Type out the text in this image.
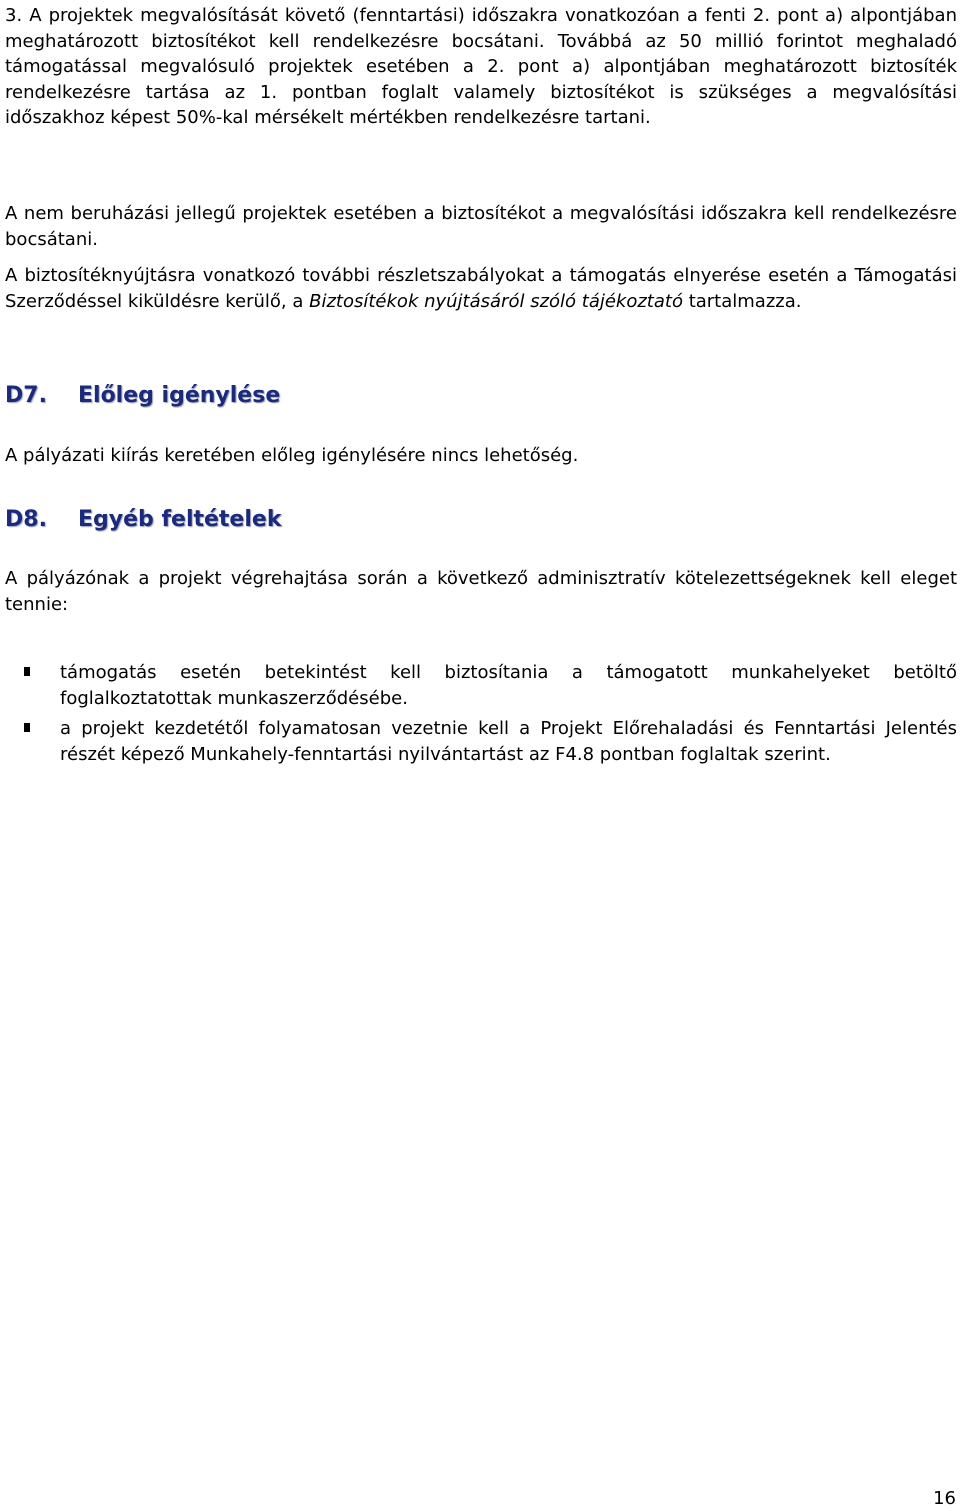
3. A projektek megvalósítását követő (fenntartási) időszakra vonatkozóan a fenti 2. pont a) alpontjában meghatározott biztosítékot kell rendelkezésre bocsátani. Továbbá az 50 millió forintot meghaladó támogatással megvalósuló projektek esetében a 2. pont a) alpontjában meghatározott biztosíték rendelkezésre tartása az 1. pontban foglalt valamely biztosítékot is szükséges a megvalósítási időszakhoz képest 50%-kal mérsékelt mértékben rendelkezésre tartani.

A nem beruházási jellegű projektek esetében a biztosítékot a megvalósítási időszakra kell rendelkezésre bocsátani.

A biztosítéknyújtásra vonatkozó további részletszabályokat a támogatás elnyerése esetén a Támogatási Szerződéssel kiküldésre kerülő, a Biztosítékok nyújtásáról szóló tájékoztató tartalmazza.

D7. Előleg igénylése

A pályázati kiírás keretében előleg igénylésére nincs lehetőség.

D8. Egyéb feltételek

A pályázónak a projekt végrehajtása során a következő adminisztratív kötelezettségeknek kell eleget tennie:

támogatás esetén betekintést kell biztosítania a támogatott munkahelyeket betöltő foglalkoztatottak munkaszerződésébe.

a projekt kezdetétől folyamatosan vezetnie kell a Projekt Előrehaladási és Fenntartási Jelentés részét képező Munkahely-fenntartási nyilvántartást az F4.8 pontban foglaltak szerint.

16
